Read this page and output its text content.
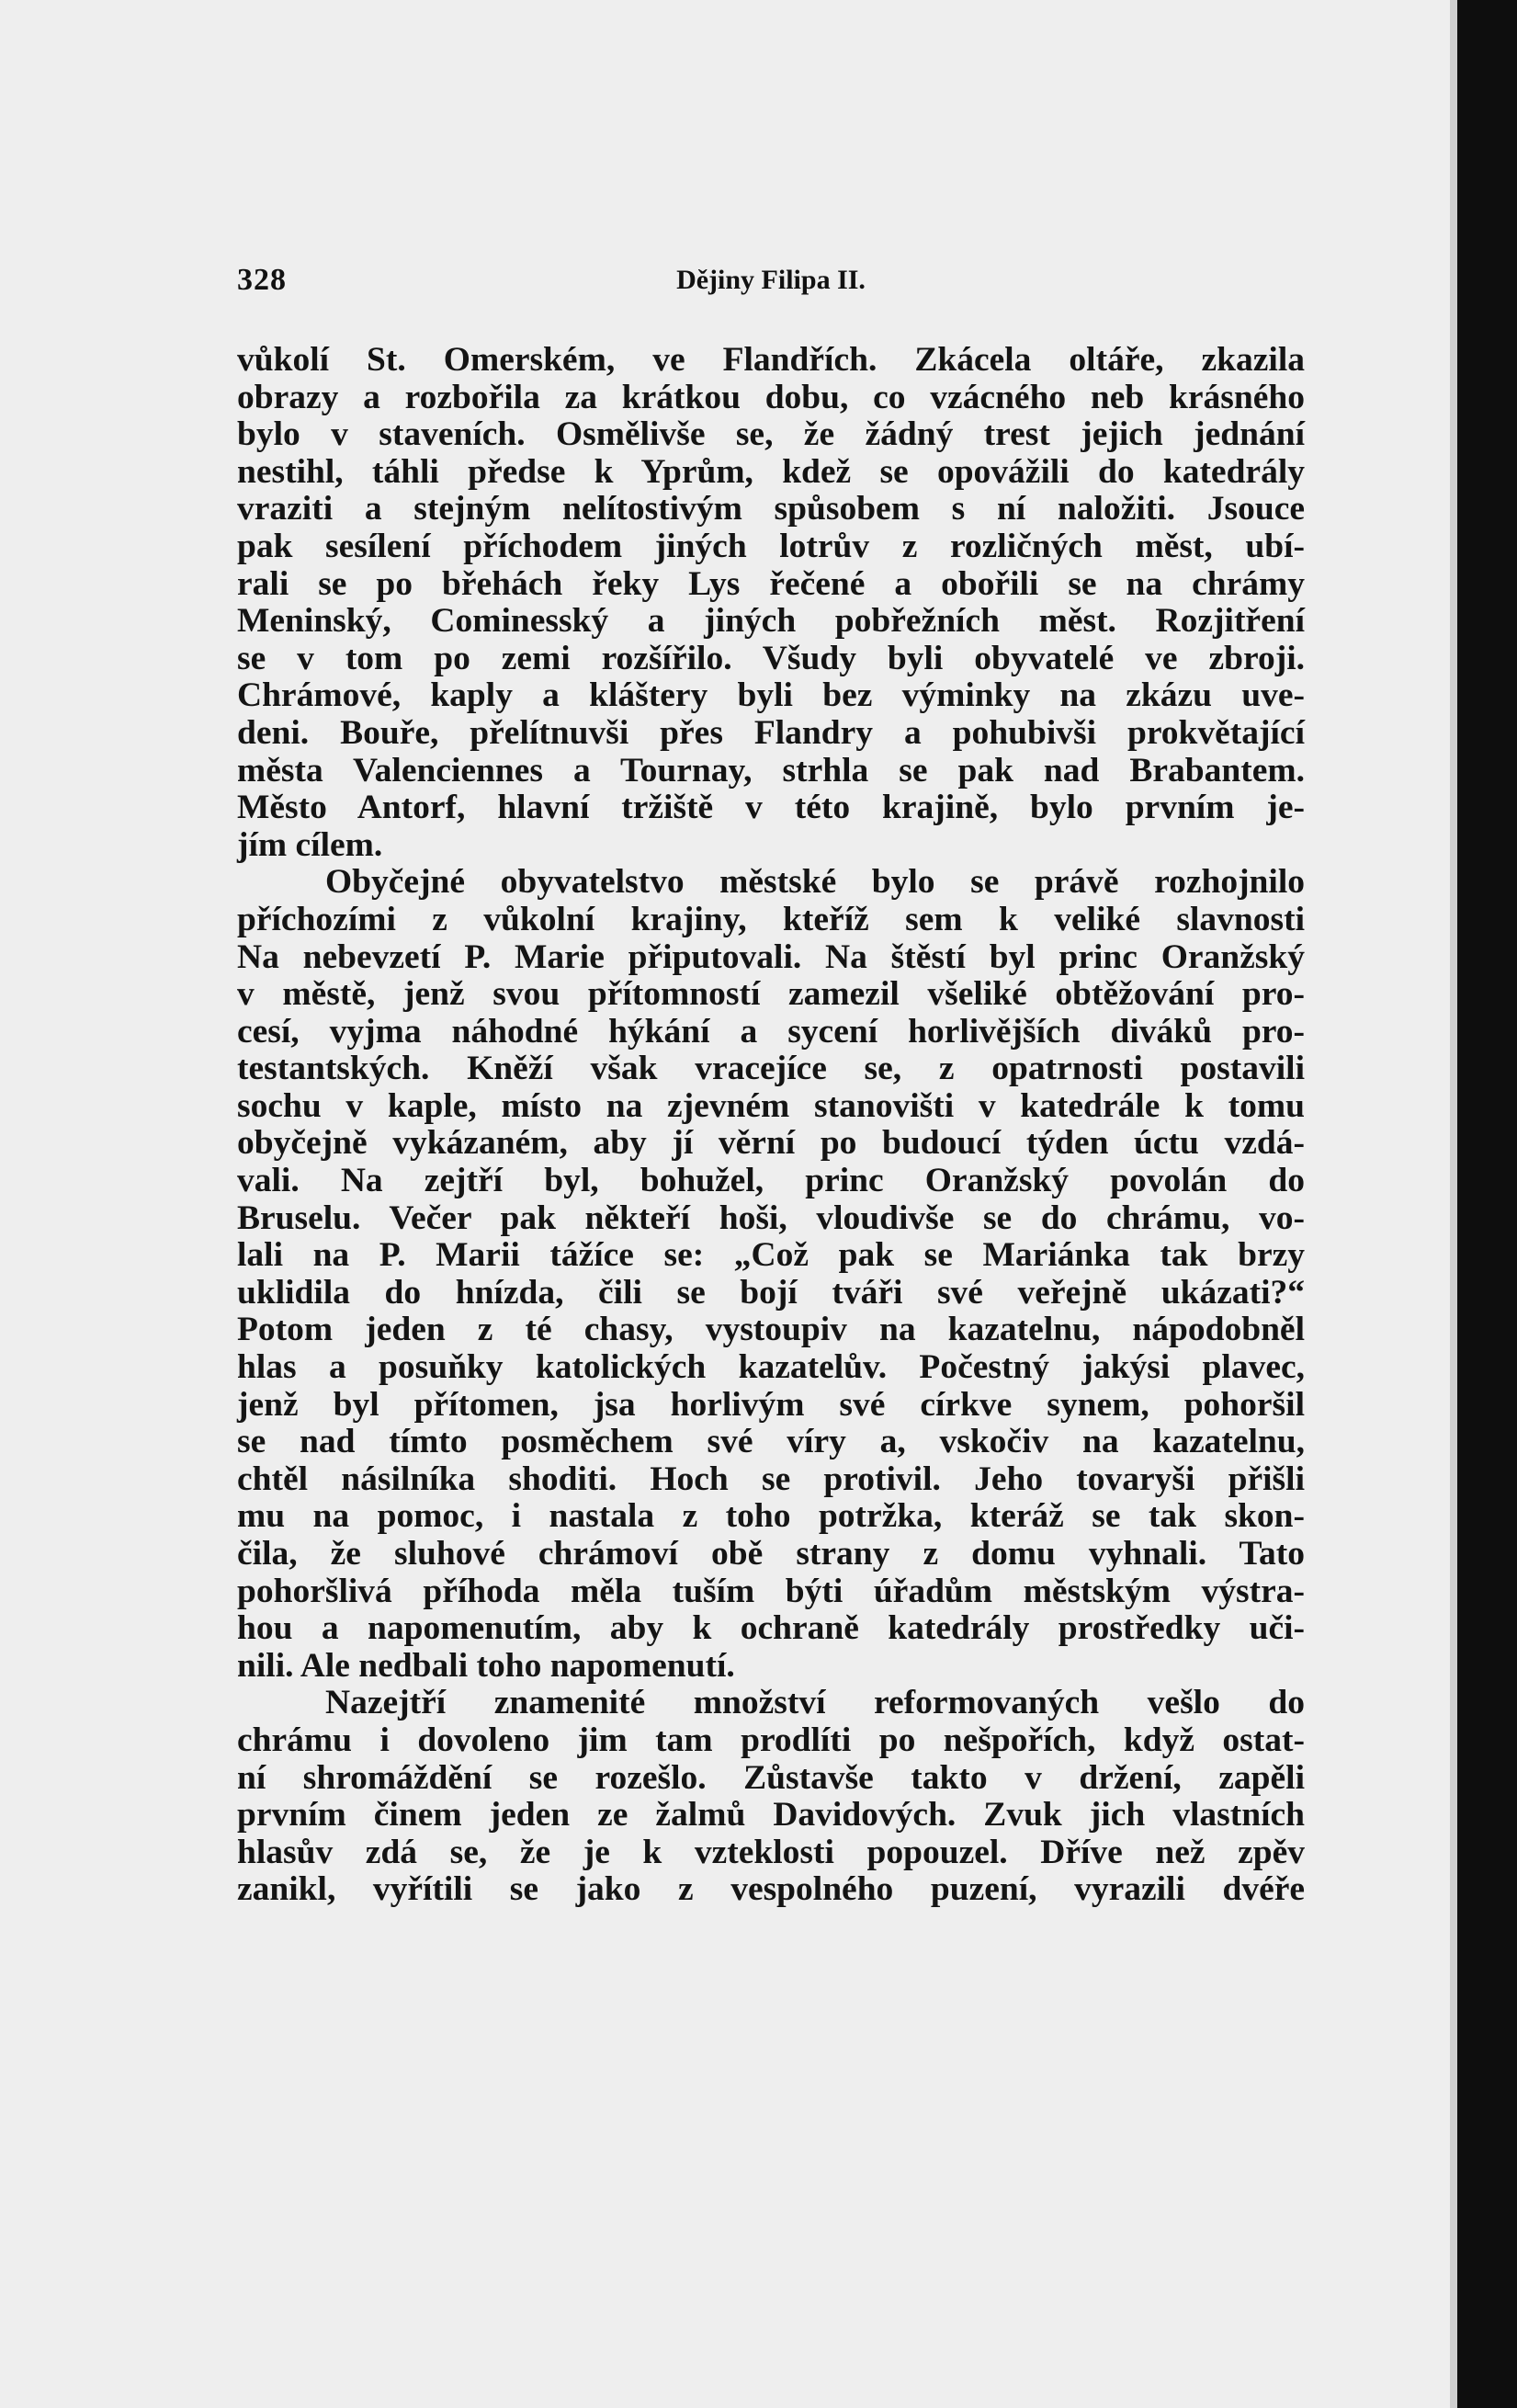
328	Dějiny Filipa II.
vůkolí St. Omerském, ve Flandřích. Zkácela oltáře, zkazila
obrazy a rozbořila za krátkou dobu, co vzácného neb krásného
bylo v staveních. Osmělivše se, že žádný trest jejich jednání
nestihl, táhli předse k Yprům, kdež se opovážili do katedrály
vraziti a stejným nelítostivým spůsobem s ní naložiti. Jsouce
pak sesílení příchodem jiných lotrův z rozličných měst, ubí-
rali se po břehách řeky Lys řečené a obořili se na chrámy
Meninský, Cominesský a jiných pobřežních měst. Rozjitření
se v tom po zemi rozšířilo. Všudy byli obyvatelé ve zbroji.
Chrámové, kaply a kláštery byli bez výminky na zkázu uve-
deni. Bouře, přelítnuvši přes Flandry a pohubivši prokvětající
města Valenciennes a Tournay, strhla se pak nad Brabantem.
Město Antorf, hlavní tržiště v této krajině, bylo prvním je-
jím cílem.
Obyčejné obyvatelstvo městské bylo se právě rozhojnilo
příchozími z vůkolní krajiny, kteříž sem k veliké slavnosti
Na nebevzetí P. Marie připutovali. Na štěstí byl princ Oranžský
v městě, jenž svou přítomností zamezil všeliké obtěžování pro-
cesí, vyjma náhodné hýkání a sycení horlivějších diváků pro-
testantských. Kněží však vracejíce se, z opatrnosti postavili
sochu v kaple, místo na zjevném stanovišti v katedrále k tomu
obyčejně vykázaném, aby jí věrní po budoucí týden úctu vzdá-
vali. Na zejtří byl, bohužel, princ Oranžský povolán do
Bruselu. Večer pak někteří hoši, vloudivše se do chrámu, vo-
lali na P. Marii tážíce se: „Což pak se Mariánka tak brzy
uklidila do hnízda, čili se bojí tváři své veřejně ukázati?“
Potom jeden z té chasy, vystoupiv na kazatelnu, nápodobněl
hlas a posuňky katolických kazatelův. Počestný jakýsi plavec,
jenž byl přítomen, jsa horlivým své církve synem, pohoršil
se nad tímto posměchem své víry a, vskočiv na kazatelnu,
chtěl násilníka shoditi. Hoch se protivil. Jeho tovaryši přišli
mu na pomoc, i nastala z toho potržka, kteráž se tak skon-
čila, že sluhové chrámoví obě strany z domu vyhnali. Tato
pohoršlivá příhoda měla tuším býti úřadům městským výstra-
hou a napomenutím, aby k ochraně katedrály prostředky uči-
nili. Ale nedbali toho napomenutí.
Nazejtří znamenité množství reformovaných vešlo do
chrámu i dovoleno jim tam prodlíti po nešpořích, když ostat-
ní shromáždění se rozešlo. Zůstavše takto v držení, zapěli
prvním činem jeden ze žalmů Davidových. Zvuk jich vlastních
hlasův zdá se, že je k vzteklosti popouzel. Dříve než zpěv
zanikl, vyřítili se jako z vespolného puzení, vyrazili dvéře
